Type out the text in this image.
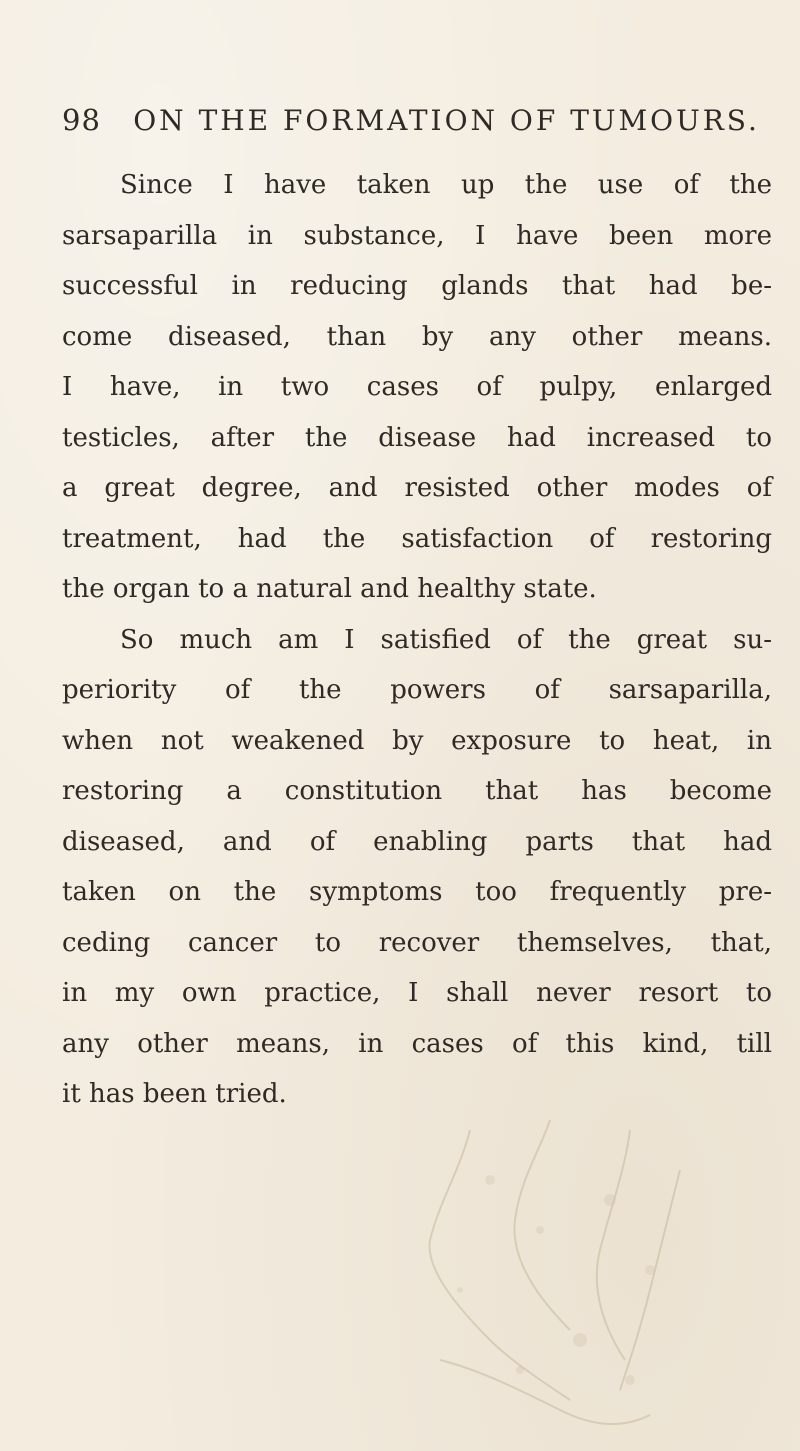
98 ON THE FORMATION OF TUMOURS.
Since I have taken up the use of the
sarsaparilla in substance, I have been more
successful in reducing glands that had be-
come diseased, than by any other means.
I have, in two cases of pulpy, enlarged
testicles, after the disease had increased to
a great degree, and resisted other modes of
treatment, had the satisfaction of restoring
the organ to a natural and healthy state.
So much am I satisfied of the great su-
periority of the powers of sarsaparilla,
when not weakened by exposure to heat, in
restoring a constitution that has become
diseased, and of enabling parts that had
taken on the symptoms too frequently pre-
ceding cancer to recover themselves, that,
in my own practice, I shall never resort to
any other means, in cases of this kind, till
it has been tried.
